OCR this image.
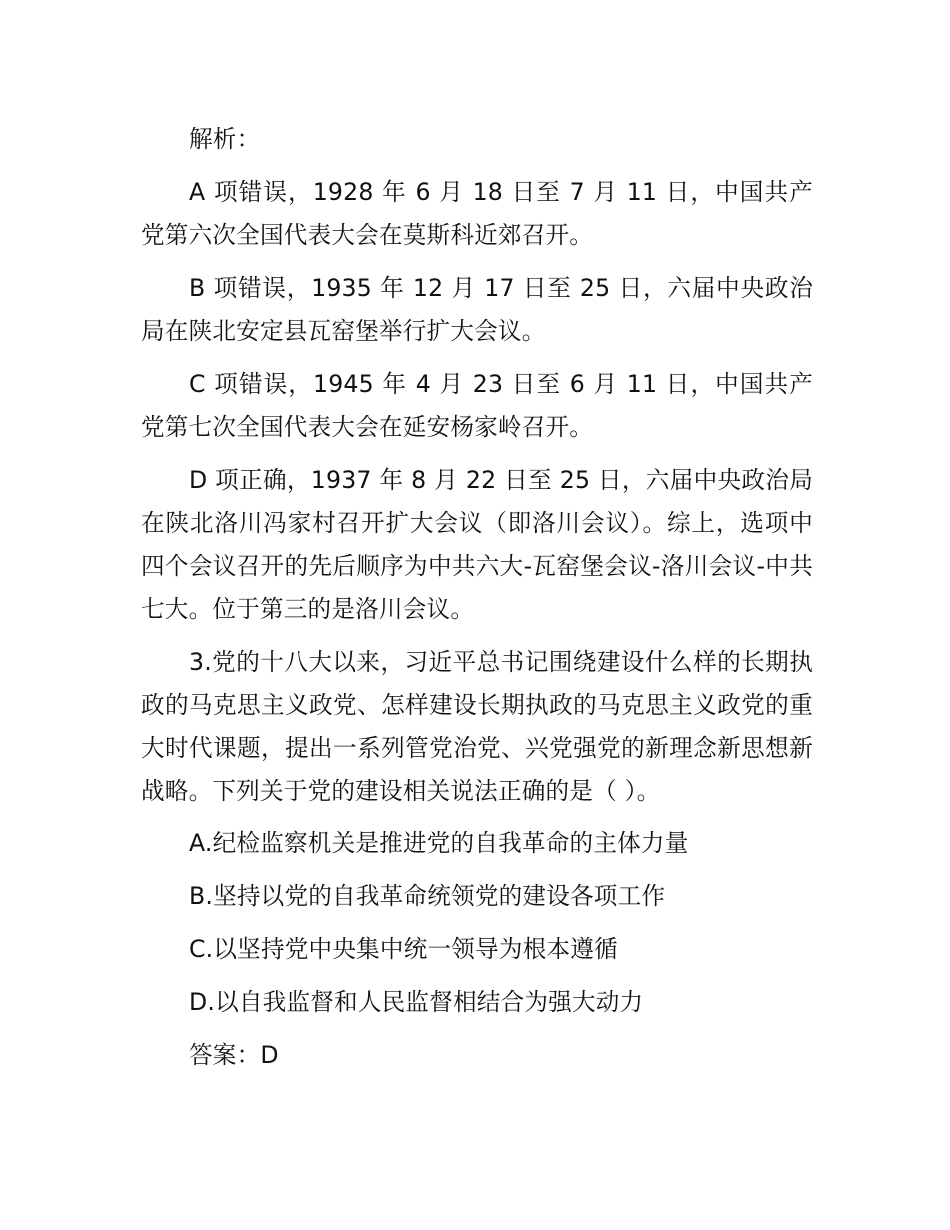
解析：

A 项错误，1928 年 6 月 18 日至 7 月 11 日，中国共产党第六次全国代表大会在莫斯科近郊召开。

B 项错误，1935 年 12 月 17 日至 25 日，六届中央政治局在陕北安定县瓦窑堡举行扩大会议。

C 项错误，1945 年 4 月 23 日至 6 月 11 日，中国共产党第七次全国代表大会在延安杨家岭召开。

D 项正确，1937 年 8 月 22 日至 25 日，六届中央政治局在陕北洛川冯家村召开扩大会议（即洛川会议）。综上，选项中四个会议召开的先后顺序为中共六大-瓦窑堡会议-洛川会议-中共七大。位于第三的是洛川会议。

3.党的十八大以来，习近平总书记围绕建设什么样的长期执政的马克思主义政党、怎样建设长期执政的马克思主义政党的重大时代课题，提出一系列管党治党、兴党强党的新理念新思想新战略。下列关于党的建设相关说法正确的是（ ）。

A.纪检监察机关是推进党的自我革命的主体力量

B.坚持以党的自我革命统领党的建设各项工作

C.以坚持党中央集中统一领导为根本遵循

D.以自我监督和人民监督相结合为强大动力

答案：D
